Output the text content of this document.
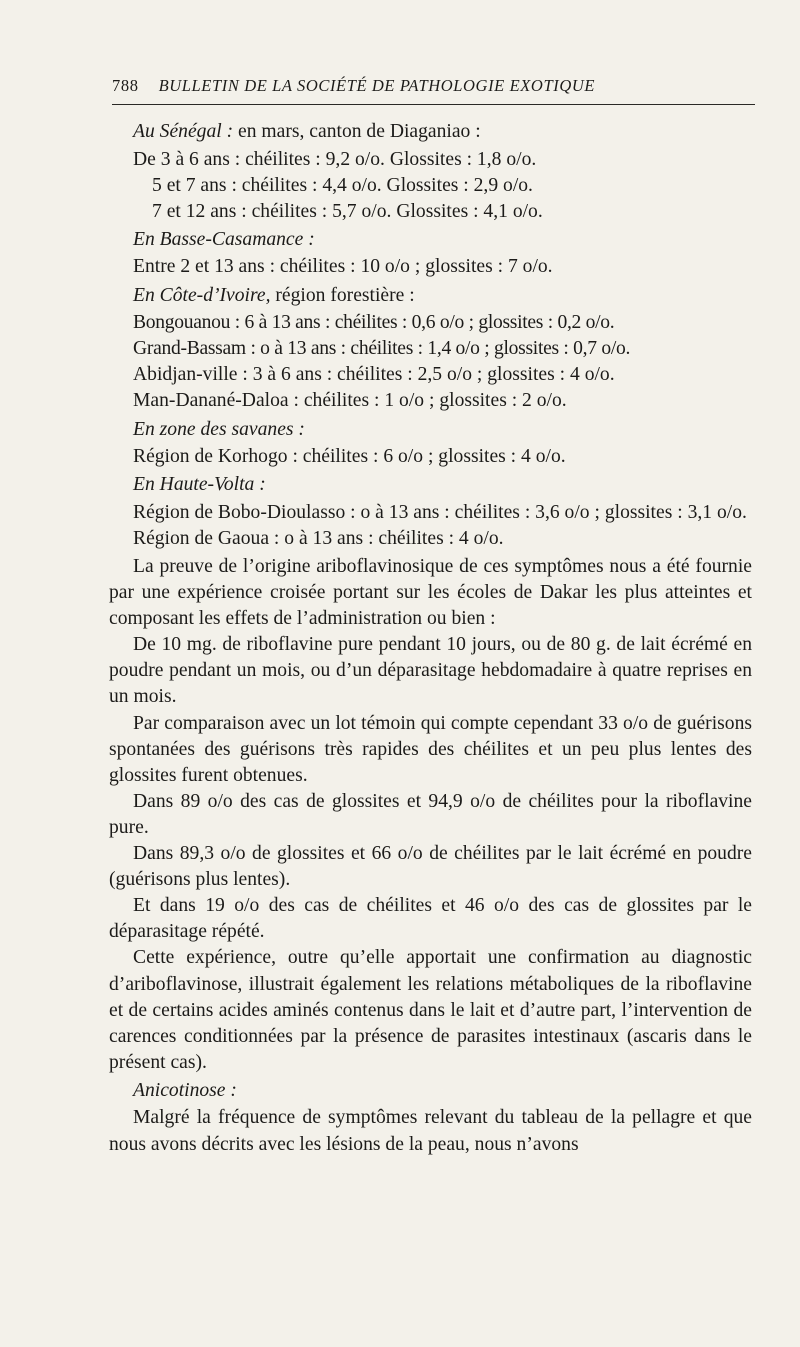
788 BULLETIN DE LA SOCIÉTÉ DE PATHOLOGIE EXOTIQUE

Au Sénégal : en mars, canton de Diaganiao :

De 3 à 6 ans : chéilites : 9,2 o/o. Glossites : 1,8 o/o.
5 et 7 ans : chéilites : 4,4 o/o. Glossites : 2,9 o/o.
7 et 12 ans : chéilites : 5,7 o/o. Glossites : 4,1 o/o.

En Basse-Casamance :

Entre 2 et 13 ans : chéilites : 10 o/o ; glossites : 7 o/o.

En Côte-d’Ivoire, région forestière :

Bongouanou : 6 à 13 ans : chéilites : 0,6 o/o ; glossites : 0,2 o/o.
Grand-Bassam : o à 13 ans : chéilites : 1,4 o/o ; glossites : 0,7 o/o.
Abidjan-ville : 3 à 6 ans : chéilites : 2,5 o/o ; glossites : 4 o/o.
Man-Danané-Daloa : chéilites : 1 o/o ; glossites : 2 o/o.

En zone des savanes :

Région de Korhogo : chéilites : 6 o/o ; glossites : 4 o/o.

En Haute-Volta :

Région de Bobo-Dioulasso : o à 13 ans : chéilites : 3,6 o/o ; glossites : 3,1 o/o.

Région de Gaoua : o à 13 ans : chéilites : 4 o/o.

La preuve de l’origine ariboflavinosique de ces symptômes nous a été fournie par une expérience croisée portant sur les écoles de Dakar les plus atteintes et composant les effets de l’administration ou bien :

De 10 mg. de riboflavine pure pendant 10 jours, ou de 80 g. de lait écrémé en poudre pendant un mois, ou d’un déparasitage hebdomadaire à quatre reprises en un mois.

Par comparaison avec un lot témoin qui compte cependant 33 o/o de guérisons spontanées des guérisons très rapides des chéilites et un peu plus lentes des glossites furent obtenues.

Dans 89 o/o des cas de glossites et 94,9 o/o de chéilites pour la riboflavine pure.

Dans 89,3 o/o de glossites et 66 o/o de chéilites par le lait écrémé en poudre (guérisons plus lentes).

Et dans 19 o/o des cas de chéilites et 46 o/o des cas de glossites par le déparasitage répété.

Cette expérience, outre qu’elle apportait une confirmation au diagnostic d’ariboflavinose, illustrait également les relations métaboliques de la riboflavine et de certains acides aminés contenus dans le lait et d’autre part, l’intervention de carences conditionnées par la présence de parasites intestinaux (ascaris dans le présent cas).

Anicotinose :

Malgré la fréquence de symptômes relevant du tableau de la pellagre et que nous avons décrits avec les lésions de la peau, nous n’avons
